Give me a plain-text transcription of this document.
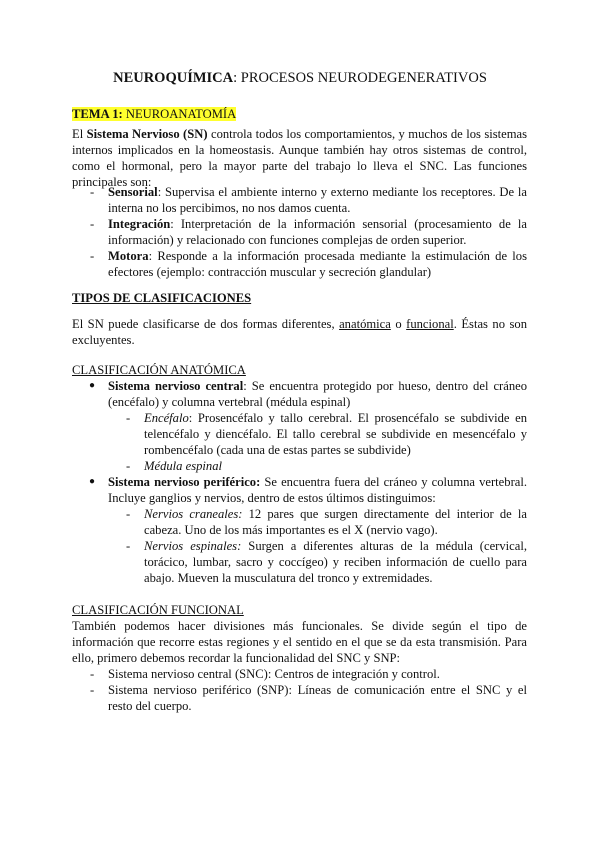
NEUROQUÍMICA: PROCESOS NEURODEGENERATIVOS
TEMA 1: NEUROANATOMÍA
El Sistema Nervioso (SN) controla todos los comportamientos, y muchos de los sistemas internos implicados en la homeostasis. Aunque también hay otros sistemas de control, como el hormonal, pero la mayor parte del trabajo lo lleva el SNC. Las funciones principales son:
- Sensorial: Supervisa el ambiente interno y externo mediante los receptores. De la interna no los percibimos, no nos damos cuenta.
- Integración: Interpretación de la información sensorial (procesamiento de la información) y relacionado con funciones complejas de orden superior.
- Motora: Responde a la información procesada mediante la estimulación de los efectores (ejemplo: contracción muscular y secreción glandular)
TIPOS DE CLASIFICACIONES
El SN puede clasificarse de dos formas diferentes, anatómica o funcional. Éstas no son excluyentes.
CLASIFICACIÓN ANATÓMICA
● Sistema nervioso central: Se encuentra protegido por hueso, dentro del cráneo (encéfalo) y columna vertebral (médula espinal)
- Encéfalo: Prosencéfalo y tallo cerebral. El prosencéfalo se subdivide en telencéfalo y diencéfalo. El tallo cerebral se subdivide en mesencéfalo y rombencéfalo (cada una de estas partes se subdivide)
- Médula espinal
● Sistema nervioso periférico: Se encuentra fuera del cráneo y columna vertebral. Incluye ganglios y nervios, dentro de estos últimos distinguimos:
- Nervios craneales: 12 pares que surgen directamente del interior de la cabeza. Uno de los más importantes es el X (nervio vago).
- Nervios espinales: Surgen a diferentes alturas de la médula (cervical, torácico, lumbar, sacro y coccígeo) y reciben información de cuello para abajo. Mueven la musculatura del tronco y extremidades.
CLASIFICACIÓN FUNCIONAL
También podemos hacer divisiones más funcionales. Se divide según el tipo de información que recorre estas regiones y el sentido en el que se da esta transmisión. Para ello, primero debemos recordar la funcionalidad del SNC y SNP:
- Sistema nervioso central (SNC): Centros de integración y control.
- Sistema nervioso periférico (SNP): Líneas de comunicación entre el SNC y el resto del cuerpo.
